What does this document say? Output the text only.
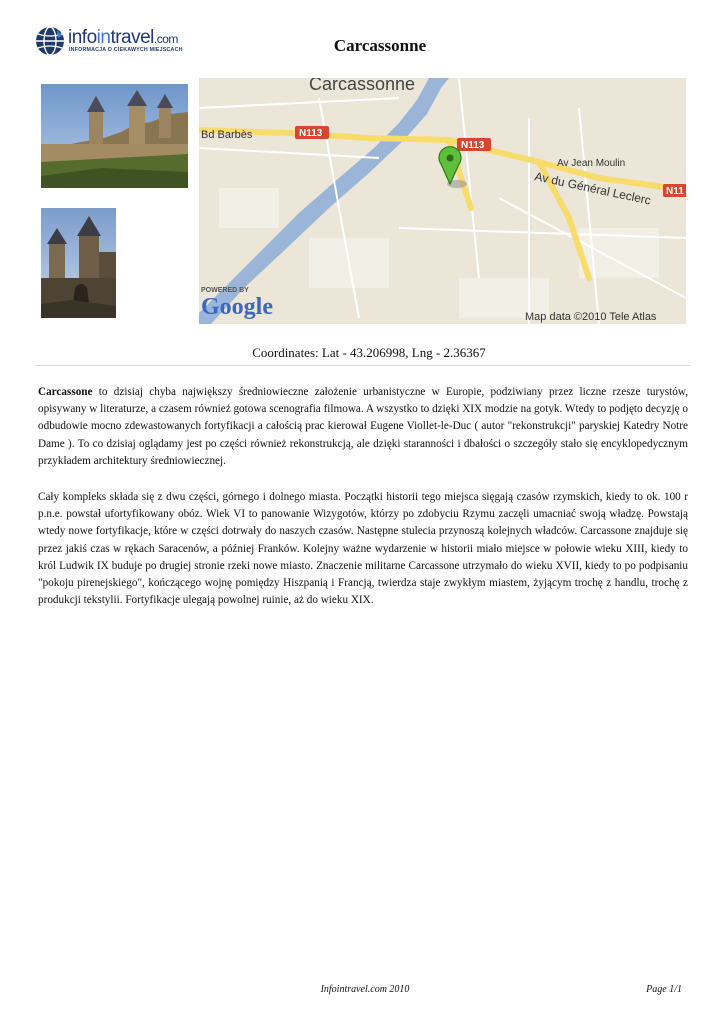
infointravel.com
INFORMACJA O CIEKAWYCH MIEJSCACH	Carcassonne
Carcassonne
Bd Barbès	N113
N113
N11
Av Jean Moulin
Av du Général Leclerc
POWERED BY
Google	Map data ©2010 Tele Atlas
Coordinates: Lat - 43.206998, Lng - 2.36367

Carcassone to dzisiaj chyba największy średniowieczne założenie urbanistyczne w Europie, podziwiany przez liczne rzesze turystów, opisywany w literaturze, a czasem również gotowa scenografia filmowa. A wszystko to dzięki XIX modzie na gotyk. Wtedy to podjęto decyzję o odbudowie mocno zdewastowanych fortyfikacji a całością prac kierował Eugene Viollet-le-Duc ( autor "rekonstrukcji" paryskiej Katedry Notre Dame ). To co dzisiaj oglądamy jest po części również rekonstrukcją, ale dzięki staranności i dbałości o szczegóły stało się encyklopedycznym przykładem architektury średniowiecznej.

Cały kompleks składa się z dwu części, górnego i dolnego miasta. Początki historii tego miejsca sięgają czasów rzymskich, kiedy to ok. 100 r p.n.e. powstał ufortyfikowany obóz. Wiek VI to panowanie Wizygotów, którzy po zdobyciu Rzymu zaczęli umacniać swoją władzę. Powstają wtedy nowe fortyfikacje, które w części dotrwały do naszych czasów. Następne stulecia przynoszą kolejnych władców. Carcassone znajduje się przez jakiś czas w rękach Saracenów, a później Franków. Kolejny ważne wydarzenie w historii miało miejsce w połowie wieku XIII, kiedy to król Ludwik IX buduje po drugiej stronie rzeki nowe miasto. Znaczenie militarne Carcassone utrzymało do wieku XVII, kiedy to po podpisaniu "pokoju pirenejskiego", kończącego wojnę pomiędzy Hiszpanią i Francją, twierdza staje zwykłym miastem, żyjącym trochę z handlu, trochę z produkcji tekstylii. Fortyfikacje ulegają powolnej ruinie, aż do wieku XIX.

Infointravel.com 2010	Page 1/1
